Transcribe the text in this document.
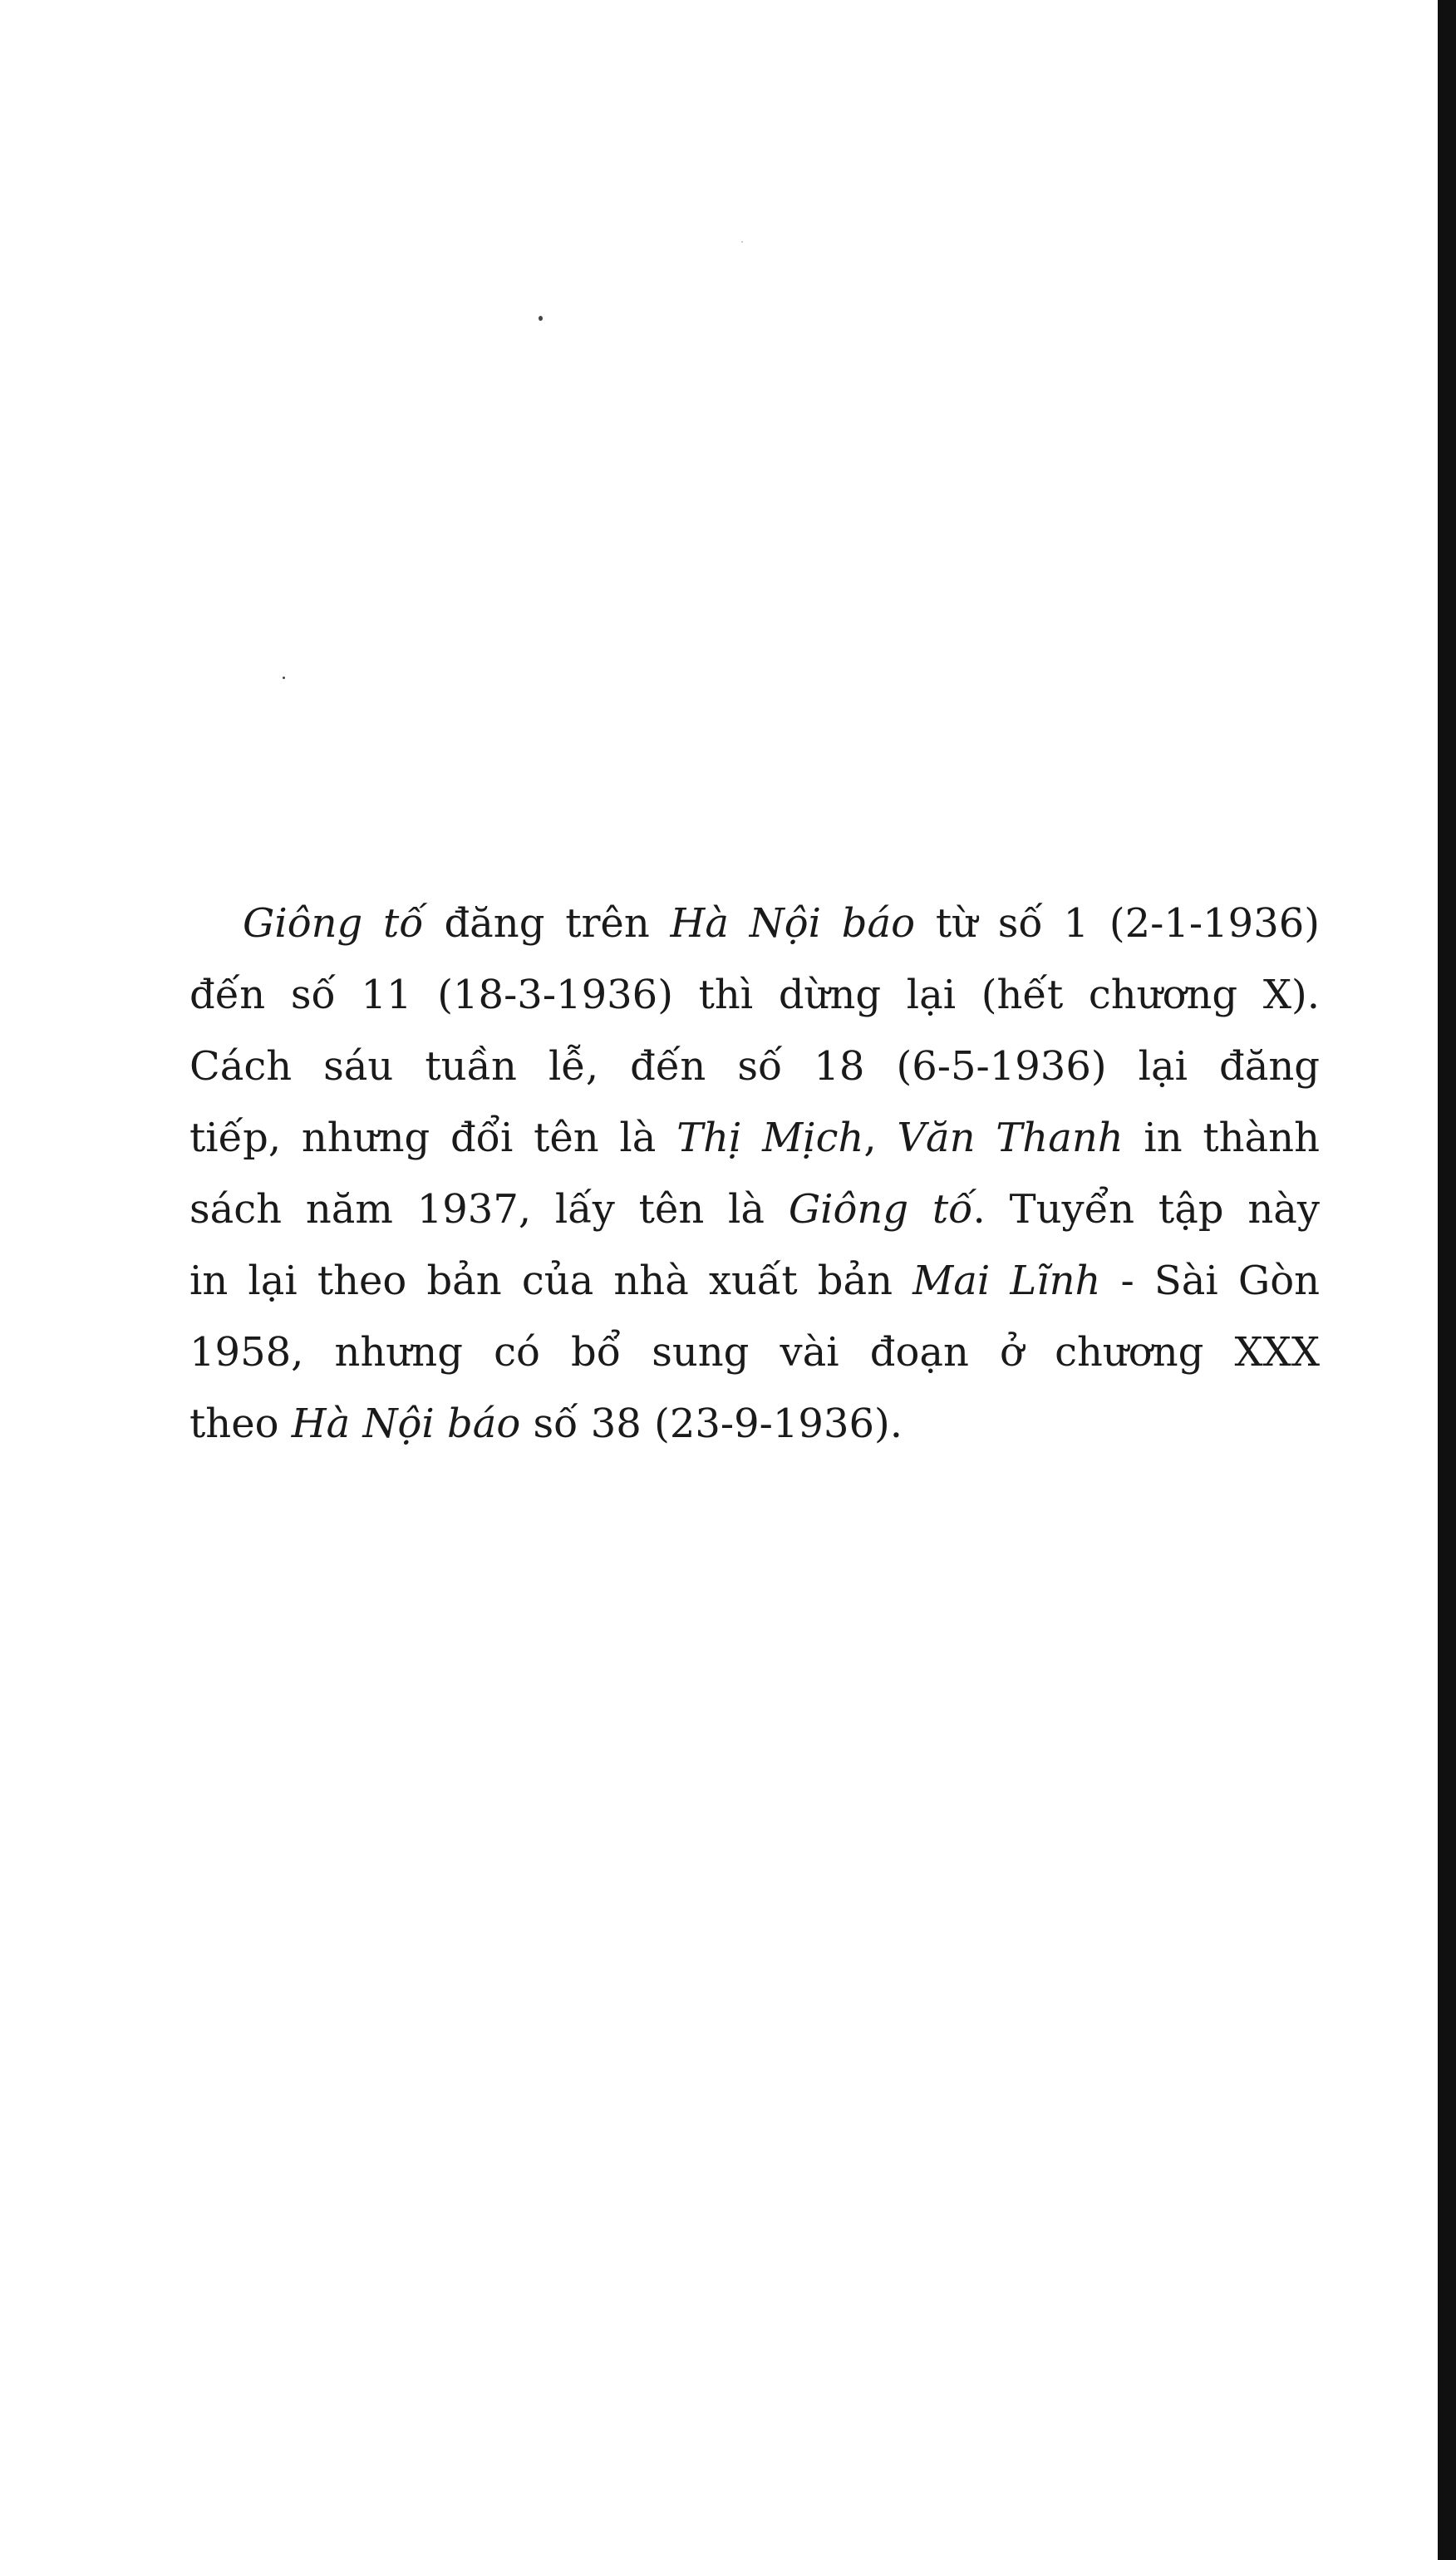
Giông tố đăng trên Hà Nội báo từ số 1 (2-1-1936)
đến số 11 (18-3-1936) thì dừng lại (hết chương X).
Cách sáu tuần lễ, đến số 18 (6-5-1936) lại đăng
tiếp, nhưng đổi tên là Thị Mịch, Văn Thanh in thành
sách năm 1937, lấy tên là Giông tố. Tuyển tập này
in lại theo bản của nhà xuất bản Mai Lĩnh - Sài Gòn
1958, nhưng có bổ sung vài đoạn ở chương XXX
theo Hà Nội báo số 38 (23-9-1936).
